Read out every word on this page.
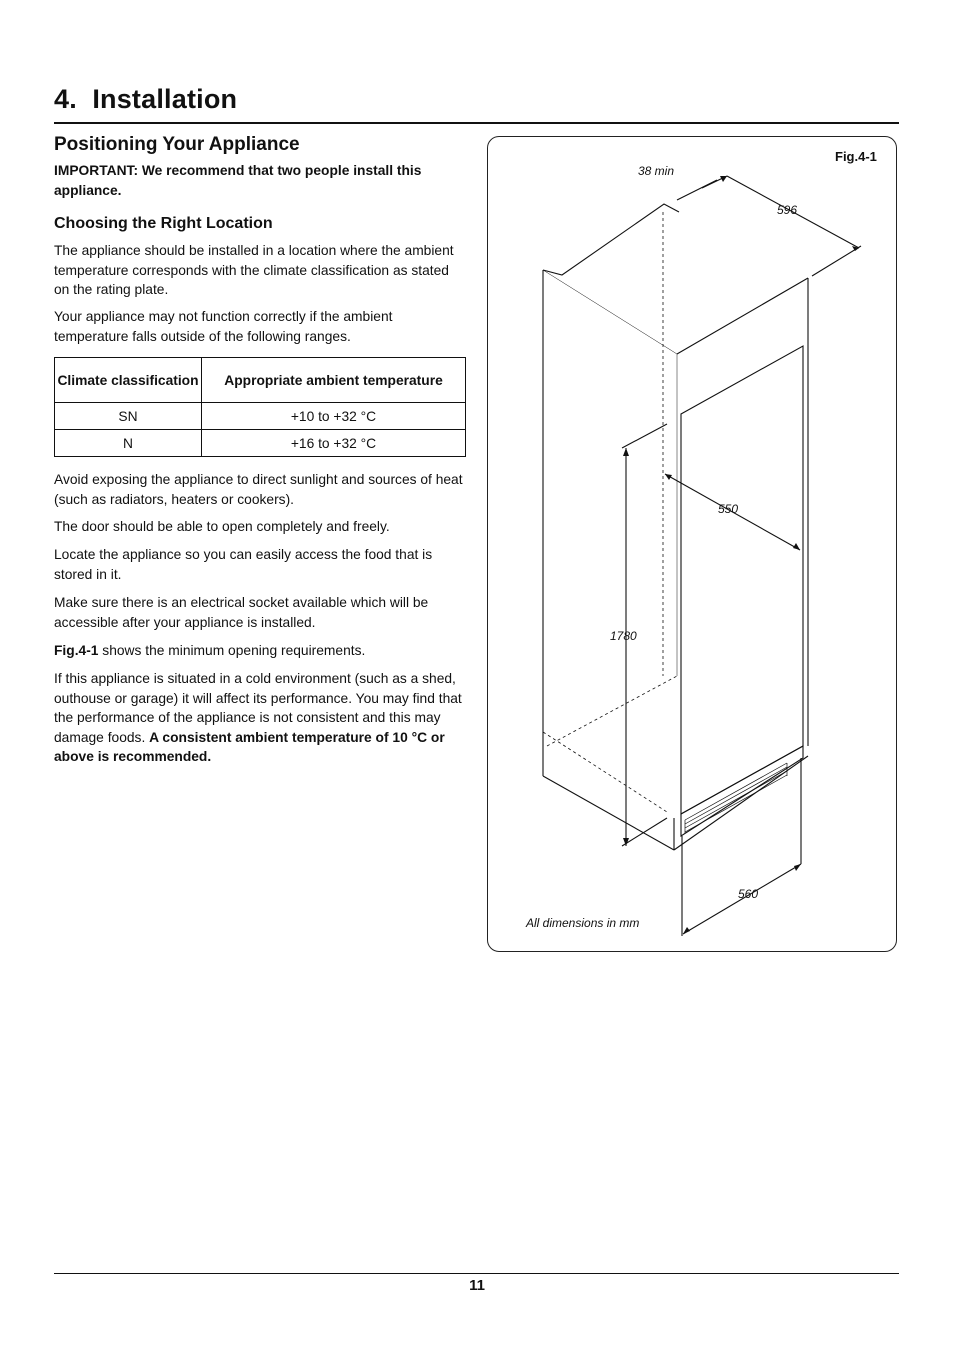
4.  Installation
Positioning Your Appliance
IMPORTANT: We recommend that two people install this appliance.
Choosing the Right Location
The appliance should be installed in a location where the ambient temperature corresponds with the climate classification as stated on the rating plate.
Your appliance may not function correctly if the ambient temperature falls outside of the following ranges.
Climate classification	Appropriate ambient temperature
SN	+10 to +32 °C
N	+16 to +32 °C
Avoid exposing the appliance to direct sunlight and sources of heat (such as radiators, heaters or cookers).
The door should be able to open completely and freely.
Locate the appliance so you can easily access the food that is stored in it.
Make sure there is an electrical socket available which will be accessible after your appliance is installed.
Fig.4-1 shows the minimum opening requirements.
If this appliance is situated in a cold environment (such as a shed, outhouse or garage) it will affect its performance. You may find that the performance of the appliance is not consistent and this may damage foods. A consistent ambient temperature of 10 °C or above is recommended.
Fig.4-1
38 min
596
550
1780
560
All dimensions in mm
11
